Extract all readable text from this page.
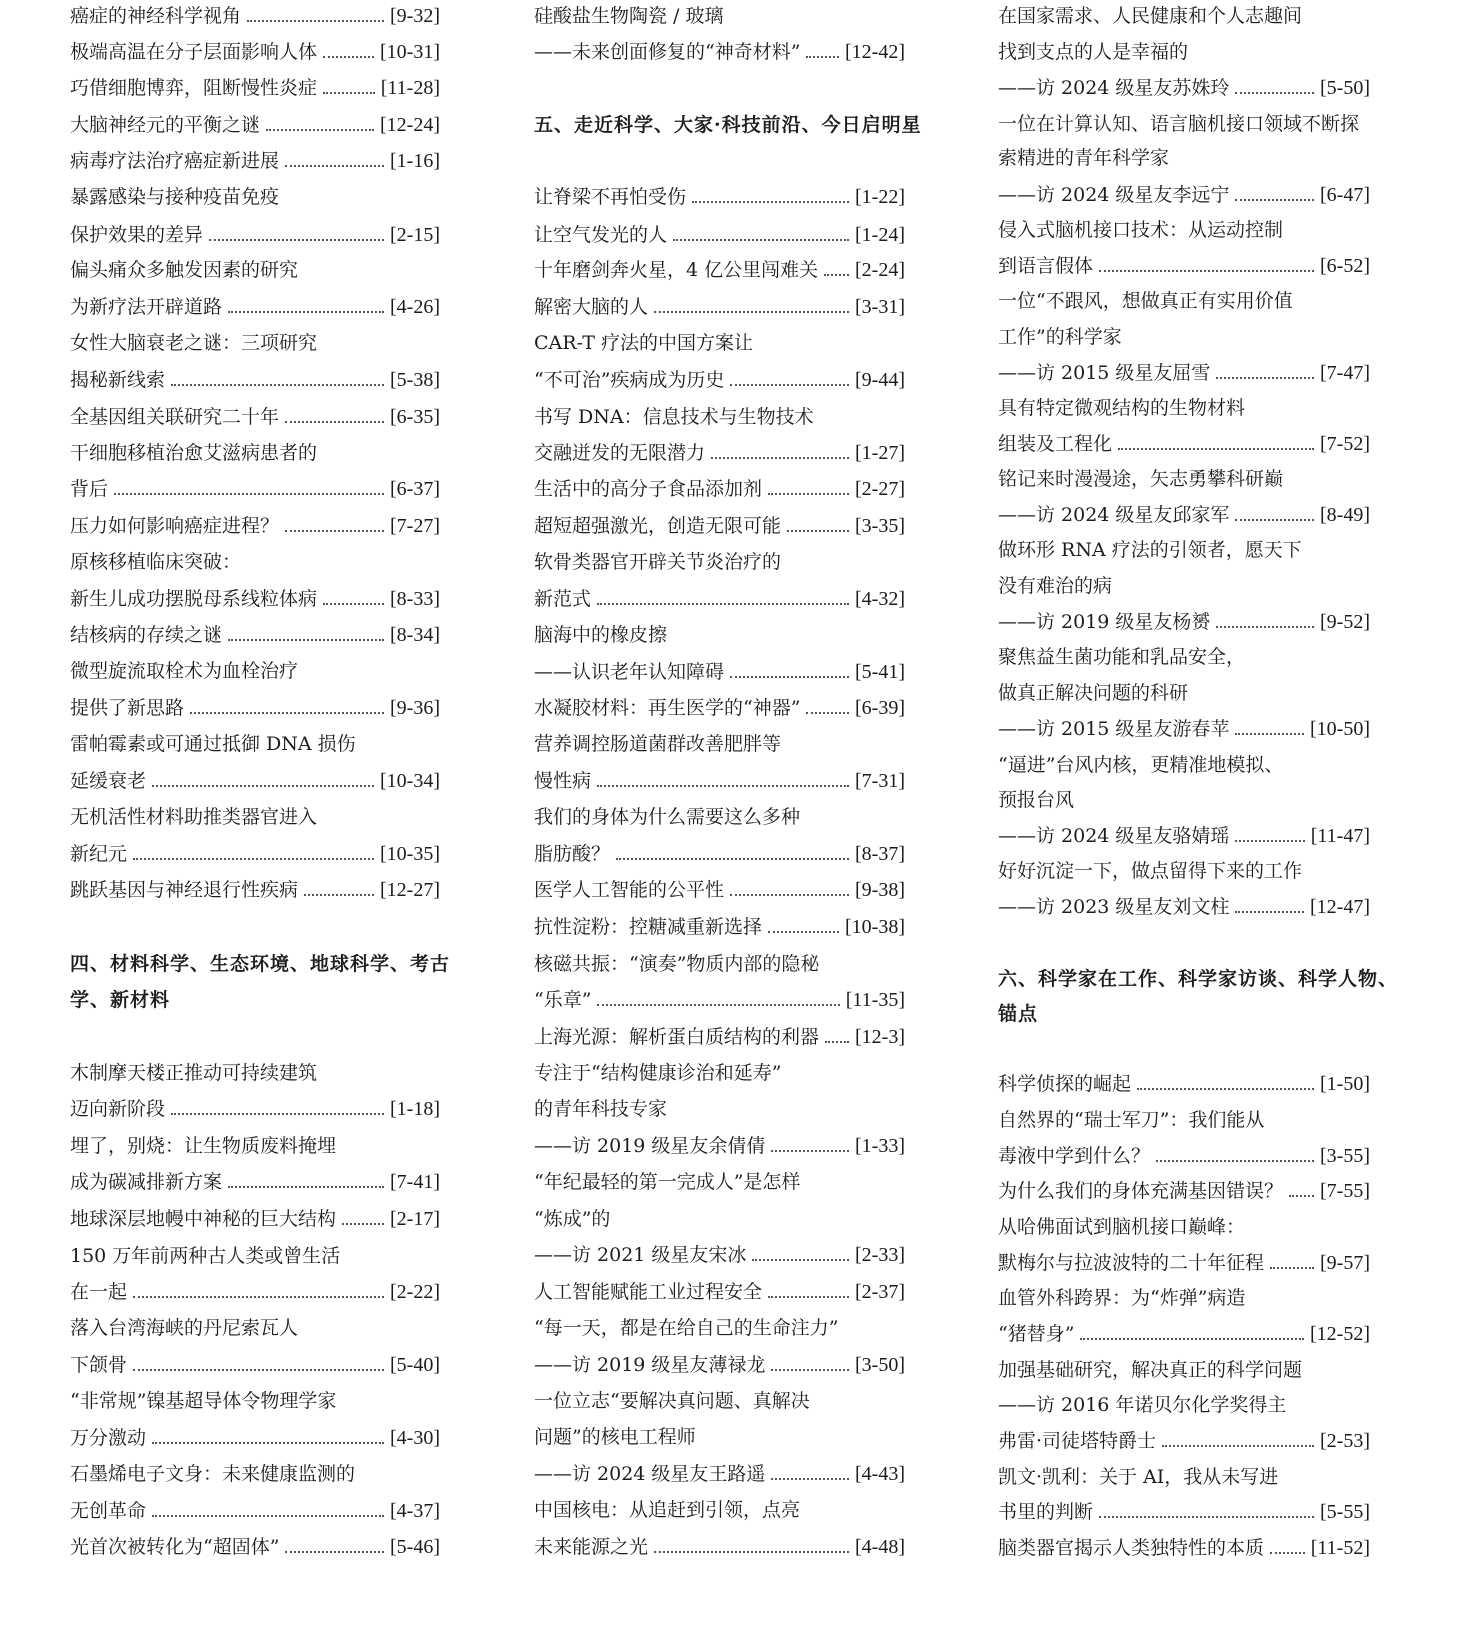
癌症的神经科学视角	[9-32]
极端高温在分子层面影响人体	[10-31]
巧借细胞博弈，阻断慢性炎症	[11-28]
大脑神经元的平衡之谜	[12-24]
病毒疗法治疗癌症新进展	[1-16]
暴露感染与接种疫苗免疫
保护效果的差异	[2-15]
偏头痛众多触发因素的研究
为新疗法开辟道路	[4-26]
女性大脑衰老之谜：三项研究
揭秘新线索	[5-38]
全基因组关联研究二十年	[6-35]
干细胞移植治愈艾滋病患者的
背后	[6-37]
压力如何影响癌症进程？	[7-27]
原核移植临床突破：
新生儿成功摆脱母系线粒体病	[8-33]
结核病的存续之谜	[8-34]
微型旋流取栓术为血栓治疗
提供了新思路	[9-36]
雷帕霉素或可通过抵御 DNA 损伤
延缓衰老	[10-34]
无机活性材料助推类器官进入
新纪元	[10-35]
跳跃基因与神经退行性疾病	[12-27]
四、材料科学、生态环境、地球科学、考古
学、新材料
木制摩天楼正推动可持续建筑
迈向新阶段	[1-18]
埋了，别烧：让生物质废料掩埋
成为碳减排新方案	[7-41]
地球深层地幔中神秘的巨大结构	[2-17]
150 万年前两种古人类或曾生活
在一起	[2-22]
落入台湾海峡的丹尼索瓦人
下颌骨	[5-40]
“非常规”镍基超导体令物理学家
万分激动	[4-30]
石墨烯电子文身：未来健康监测的
无创革命	[4-37]
光首次被转化为“超固体”	[5-46]
硅酸盐生物陶瓷 / 玻璃
——未来创面修复的“神奇材料” [12-42]
五、走近科学、大家·科技前沿、今日启明星
让脊梁不再怕受伤	[1-22]
让空气发光的人	[1-24]
十年磨剑奔火星，4 亿公里闯难关 [2-24]
解密大脑的人	[3-31]
CAR-T 疗法的中国方案让
“不可治”疾病成为历史	[9-44]
书写 DNA：信息技术与生物技术
交融迸发的无限潜力	[1-27]
生活中的高分子食品添加剂	[2-27]
超短超强激光，创造无限可能	[3-35]
软骨类器官开辟关节炎治疗的
新范式	[4-32]
脑海中的橡皮擦
——认识老年认知障碍	[5-41]
水凝胶材料：再生医学的“神器”	[6-39]
营养调控肠道菌群改善肥胖等
慢性病	[7-31]
我们的身体为什么需要这么多种
脂肪酸？	[8-37]
医学人工智能的公平性	[9-38]
抗性淀粉：控糖减重新选择	[10-38]
核磁共振：“演奏”物质内部的隐秘
“乐章”	[11-35]
上海光源：解析蛋白质结构的利器 [12-3]
专注于“结构健康诊治和延寿”
的青年科技专家
——访 2019 级星友余倩倩	[1-33]
“年纪最轻的第一完成人”是怎样
“炼成”的
——访 2021 级星友宋冰	[2-33]
人工智能赋能工业过程安全	[2-37]
“每一天，都是在给自己的生命注力”
——访 2019 级星友薄禄龙	[3-50]
一位立志“要解决真问题、真解决
问题”的核电工程师
——访 2024 级星友王路遥	[4-43]
中国核电：从追赶到引领，点亮
未来能源之光	[4-48]
在国家需求、人民健康和个人志趣间
找到支点的人是幸福的
——访 2024 级星友苏姝玲	[5-50]
一位在计算认知、语言脑机接口领域不断探
索精进的青年科学家
——访 2024 级星友李远宁	[6-47]
侵入式脑机接口技术：从运动控制
到语言假体	[6-52]
一位“不跟风，想做真正有实用价值
工作”的科学家
——访 2015 级星友屈雪	[7-47]
具有特定微观结构的生物材料
组装及工程化	[7-52]
铭记来时漫漫途，矢志勇攀科研巅
——访 2024 级星友邱家军	[8-49]
做环形 RNA 疗法的引领者，愿天下
没有难治的病
——访 2019 级星友杨赟	[9-52]
聚焦益生菌功能和乳品安全，
做真正解决问题的科研
——访 2015 级星友游春苹	[10-50]
“逼进”台风内核，更精准地模拟、
预报台风
——访 2024 级星友骆婧瑶	[11-47]
好好沉淀一下，做点留得下来的工作
——访 2023 级星友刘文柱	[12-47]
六、科学家在工作、科学家访谈、科学人物、
锚点
科学侦探的崛起	[1-50]
自然界的“瑞士军刀”：我们能从
毒液中学到什么？	[3-55]
为什么我们的身体充满基因错误？ [7-55]
从哈佛面试到脑机接口巅峰：
默梅尔与拉波波特的二十年征程	[9-57]
血管外科跨界：为“炸弹”病造
“猪替身”	[12-52]
加强基础研究，解决真正的科学问题
——访 2016 年诺贝尔化学奖得主
弗雷·司徒塔特爵士	[2-53]
凯文·凯利：关于 AI，我从未写进
书里的判断	[5-55]
脑类器官揭示人类独特性的本质 [11-52]
